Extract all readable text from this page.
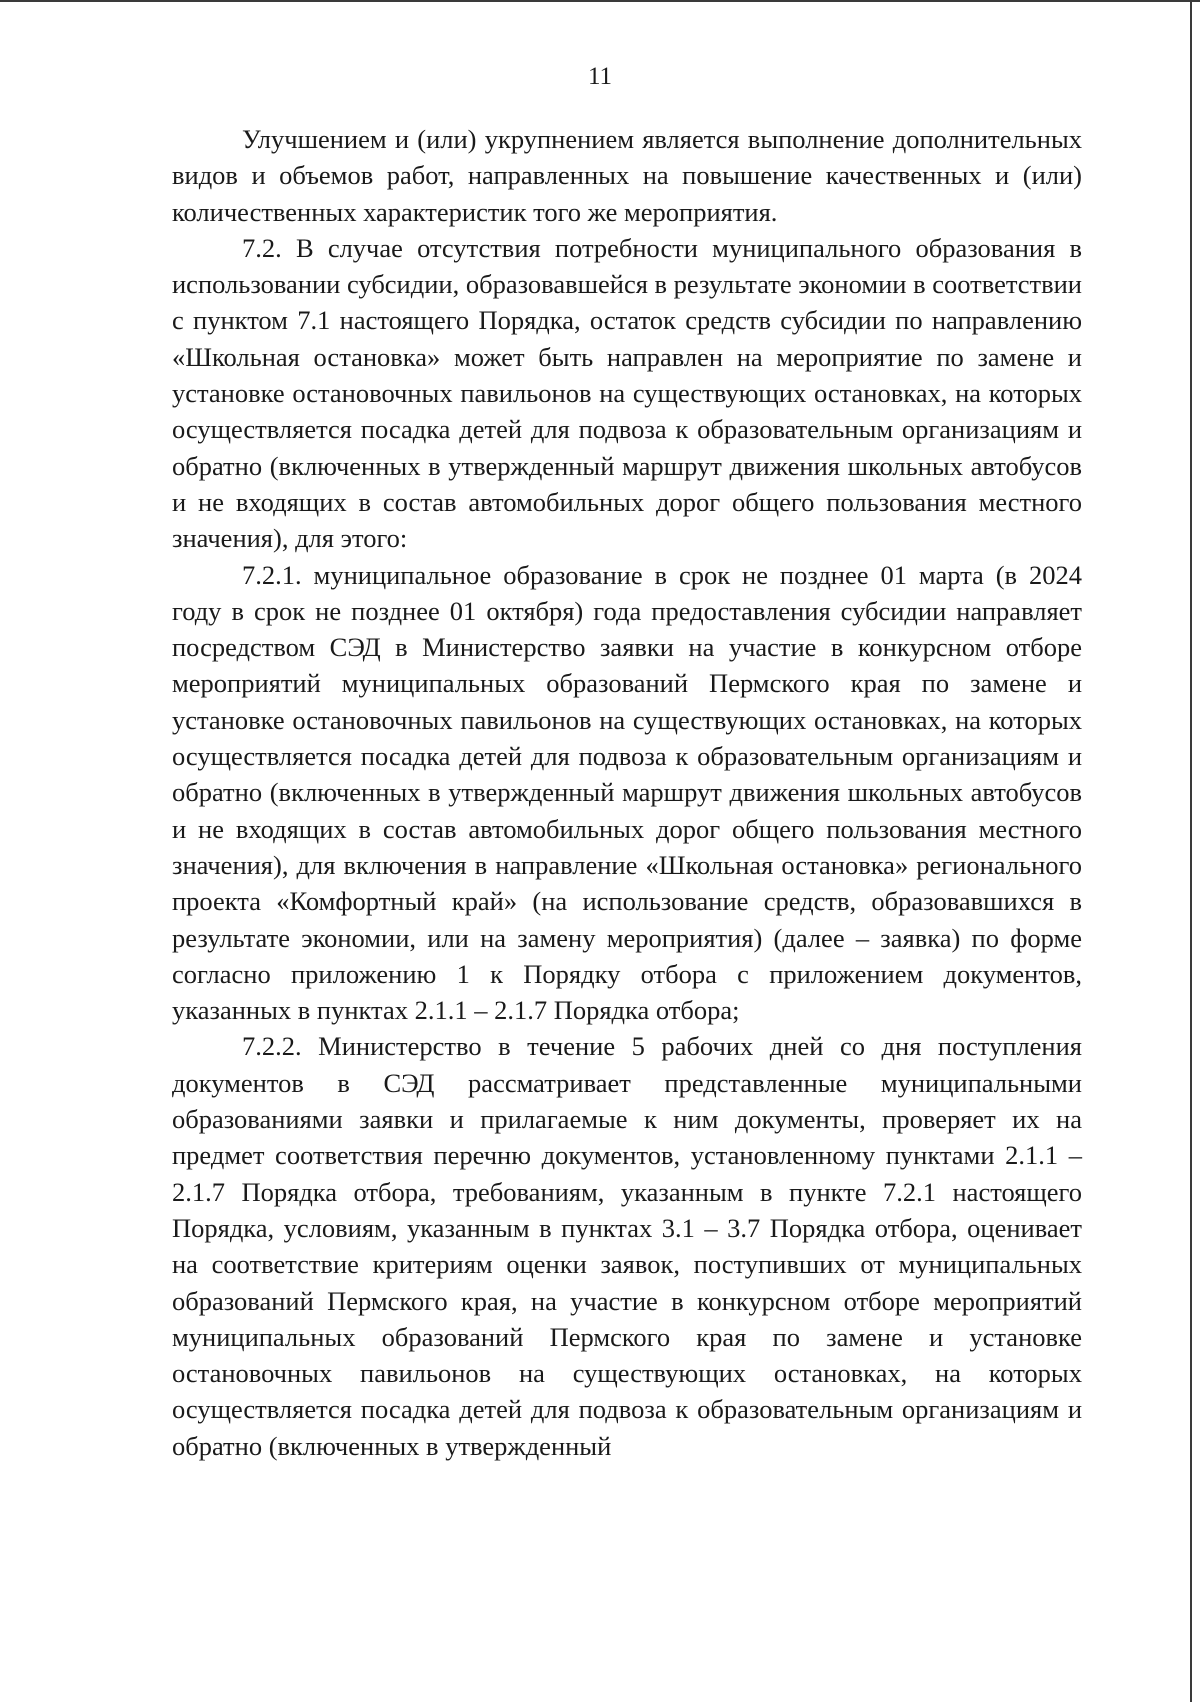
11

Улучшением и (или) укрупнением является выполнение дополнительных видов и объемов работ, направленных на повышение качественных и (или) количественных характеристик того же мероприятия.

7.2. В случае отсутствия потребности муниципального образования в использовании субсидии, образовавшейся в результате экономии в соответствии с пунктом 7.1 настоящего Порядка, остаток средств субсидии по направлению «Школьная остановка» может быть направлен на мероприятие по замене и установке остановочных павильонов на существующих остановках, на которых осуществляется посадка детей для подвоза к образовательным организациям и обратно (включенных в утвержденный маршрут движения школьных автобусов и не входящих в состав автомобильных дорог общего пользования местного значения), для этого:

7.2.1. муниципальное образование в срок не позднее 01 марта (в 2024 году в срок не позднее 01 октября) года предоставления субсидии направляет посредством СЭД в Министерство заявки на участие в конкурсном отборе мероприятий муниципальных образований Пермского края по замене и установке остановочных павильонов на существующих остановках, на которых осуществляется посадка детей для подвоза к образовательным организациям и обратно (включенных в утвержденный маршрут движения школьных автобусов и не входящих в состав автомобильных дорог общего пользования местного значения), для включения в направление «Школьная остановка» регионального проекта «Комфортный край» (на использование средств, образовавшихся в результате экономии, или на замену мероприятия) (далее – заявка) по форме согласно приложению 1 к Порядку отбора с приложением документов, указанных в пунктах 2.1.1 – 2.1.7 Порядка отбора;

7.2.2. Министерство в течение 5 рабочих дней со дня поступления документов в СЭД рассматривает представленные муниципальными образованиями заявки и прилагаемые к ним документы, проверяет их на предмет соответствия перечню документов, установленному пунктами 2.1.1 – 2.1.7 Порядка отбора, требованиям, указанным в пункте 7.2.1 настоящего Порядка, условиям, указанным в пунктах 3.1 – 3.7 Порядка отбора, оценивает на соответствие критериям оценки заявок, поступивших от муниципальных образований Пермского края, на участие в конкурсном отборе мероприятий муниципальных образований Пермского края по замене и установке остановочных павильонов на существующих остановках, на которых осуществляется посадка детей для подвоза к образовательным организациям и обратно (включенных в утвержденный
